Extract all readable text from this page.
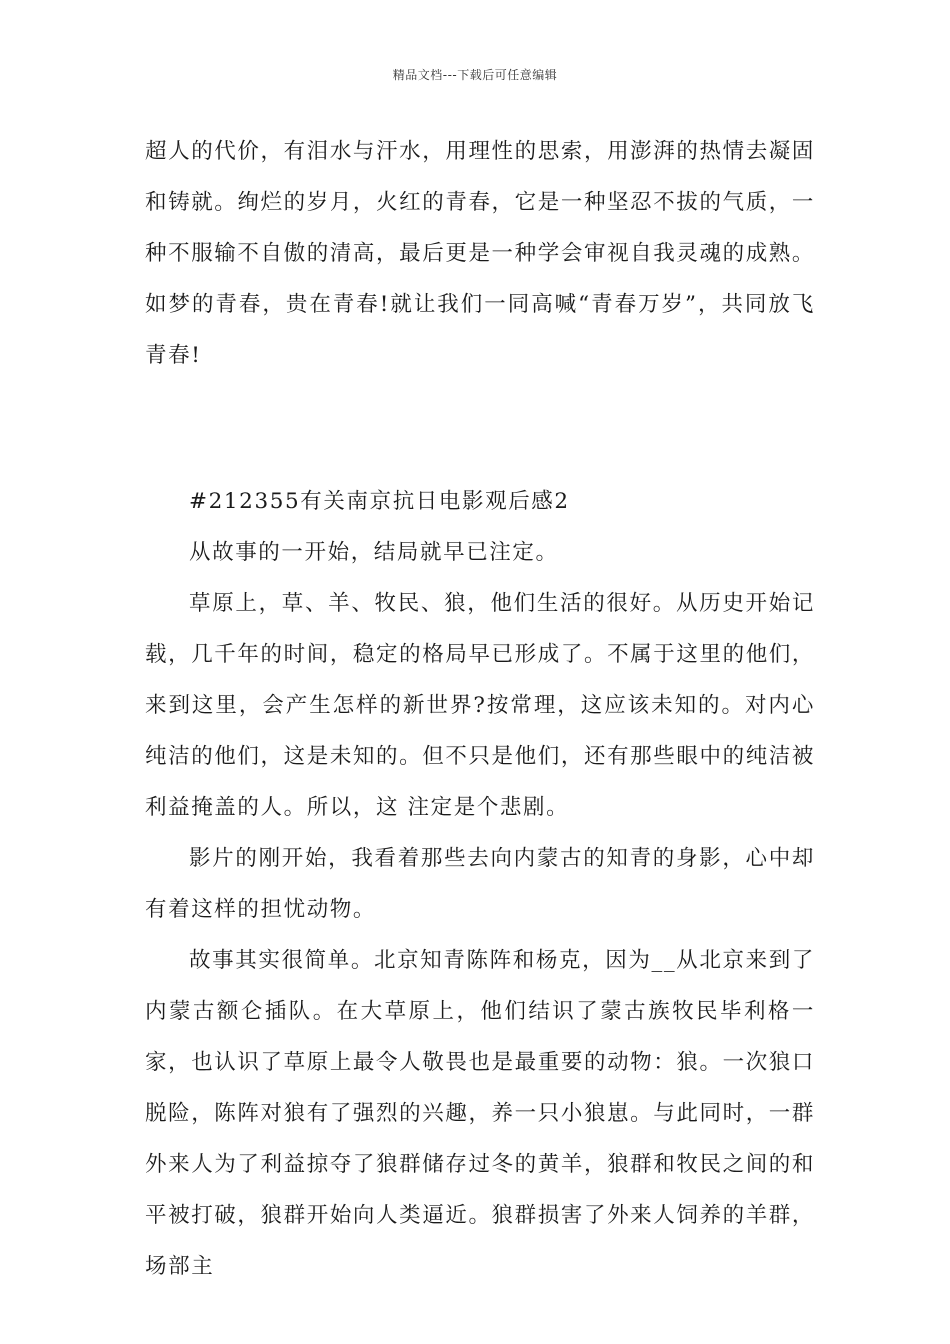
精品文档---下载后可任意编辑

超人的代价，有泪水与汗水，用理性的思索，用澎湃的热情去凝固和铸就。绚烂的岁月，火红的青春，它是一种坚忍不拔的气质，一种不服输不自傲的清高，最后更是一种学会审视自我灵魂的成熟。如梦的青春，贵在青春!就让我们一同高喊“青春万岁”，共同放飞青春!

#212355有关南京抗日电影观后感2

从故事的一开始，结局就早已注定。

草原上，草、羊、牧民、狼，他们生活的很好。从历史开始记载，几千年的时间，稳定的格局早已形成了。不属于这里的他们，来到这里，会产生怎样的新世界?按常理，这应该未知的。对内心纯洁的他们，这是未知的。但不只是他们，还有那些眼中的纯洁被利益掩盖的人。所以，这 注定是个悲剧。

影片的刚开始，我看着那些去向内蒙古的知青的身影，心中却有着这样的担忧动物。

故事其实很简单。北京知青陈阵和杨克，因为__从北京来到了内蒙古额仑插队。在大草原上，他们结识了蒙古族牧民毕利格一家，也认识了草原上最令人敬畏也是最重要的动物：狼。一次狼口脱险，陈阵对狼有了强烈的兴趣，养一只小狼崽。与此同时，一群外来人为了利益掠夺了狼群储存过冬的黄羊，狼群和牧民之间的和平被打破，狼群开始向人类逼近。狼群损害了外来人饲养的羊群，场部主
